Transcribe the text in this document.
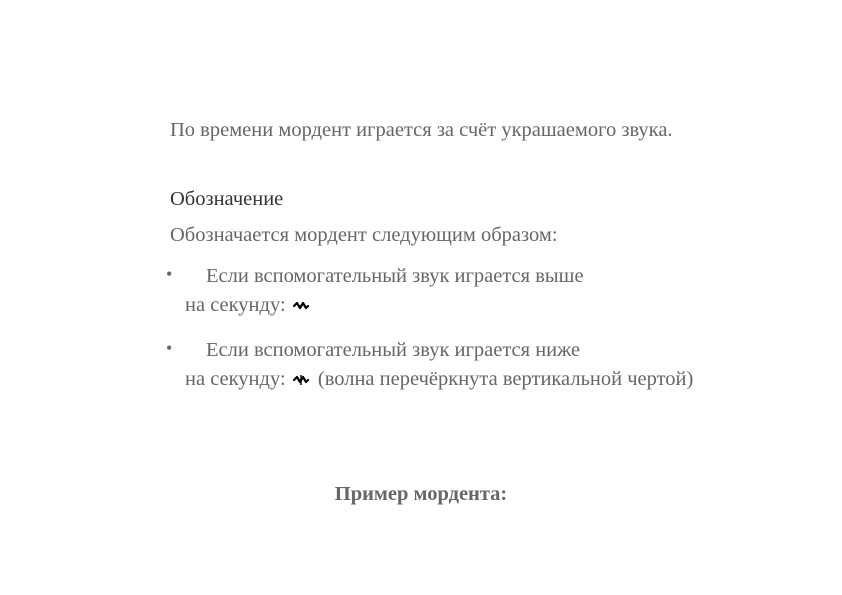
По времени мордент играется за счёт украшаемого звука.

Обозначение

Обозначается мордент следующим образом:

•	Если вспомогательный звук играется выше
на секунду:

•	Если вспомогательный звук играется ниже
на секунду: (волна перечёркнута вертикальной чертой)

Пример мордента:
